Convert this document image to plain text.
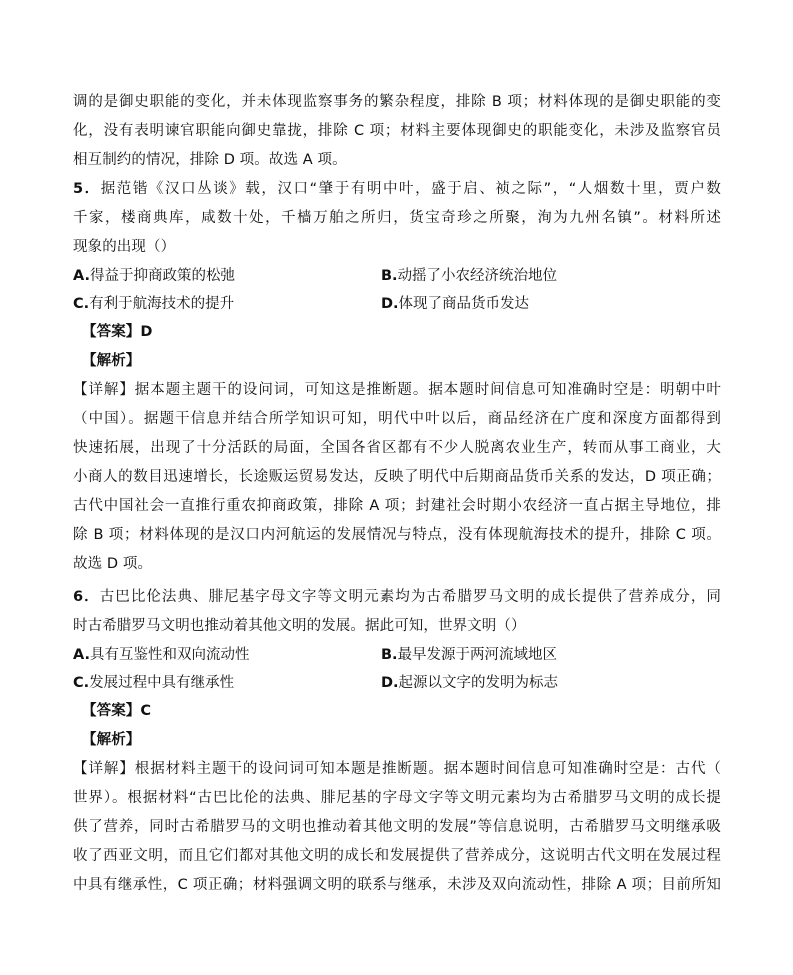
调的是御史职能的变化，并未体现监察事务的繁杂程度，排除 B 项；材料体现的是御史职能的变
化，没有表明谏官职能向御史靠拢，排除 C 项；材料主要体现御史的职能变化，未涉及监察官员
相互制约的情况，排除 D 项。故选 A 项。
5．据范锴《汉口丛谈》载，汉口“肇于有明中叶，盛于启、祯之际”，“人烟数十里，贾户数
千家，楼商典库，咸数十处，千樯万舶之所归，货宝奇珍之所聚，洵为九州名镇”。材料所述
现象的出现（）
A.得益于抑商政策的松弛	B.动摇了小农经济统治地位
C.有利于航海技术的提升	D.体现了商品货币发达
【答案】D
【解析】
【详解】据本题主题干的设问词，可知这是推断题。据本题时间信息可知准确时空是：明朝中叶
（中国）。据题干信息并结合所学知识可知，明代中叶以后，商品经济在广度和深度方面都得到
快速拓展，出现了十分活跃的局面，全国各省区都有不少人脱离农业生产，转而从事工商业，大
小商人的数目迅速增长，长途贩运贸易发达，反映了明代中后期商品货币关系的发达，D 项正确；
古代中国社会一直推行重农抑商政策，排除 A 项；封建社会时期小农经济一直占据主导地位，排
除 B 项；材料体现的是汉口内河航运的发展情况与特点，没有体现航海技术的提升，排除 C 项。
故选 D 项。
6．古巴比伦法典、腓尼基字母文字等文明元素均为古希腊罗马文明的成长提供了营养成分，同
时古希腊罗马文明也推动着其他文明的发展。据此可知，世界文明（）
A.具有互鉴性和双向流动性	B.最早发源于两河流域地区
C.发展过程中具有继承性	D.起源以文字的发明为标志
【答案】C
【解析】
【详解】根据材料主题干的设问词可知本题是推断题。据本题时间信息可知准确时空是：古代（
世界）。根据材料“古巴比伦的法典、腓尼基的字母文字等文明元素均为古希腊罗马文明的成长提
供了营养，同时古希腊罗马的文明也推动着其他文明的发展”等信息说明，古希腊罗马文明继承吸
收了西亚文明，而且它们都对其他文明的成长和发展提供了营养成分，这说明古代文明在发展过程
中具有继承性，C 项正确；材料强调文明的联系与继承，未涉及双向流动性，排除 A 项；目前所知
